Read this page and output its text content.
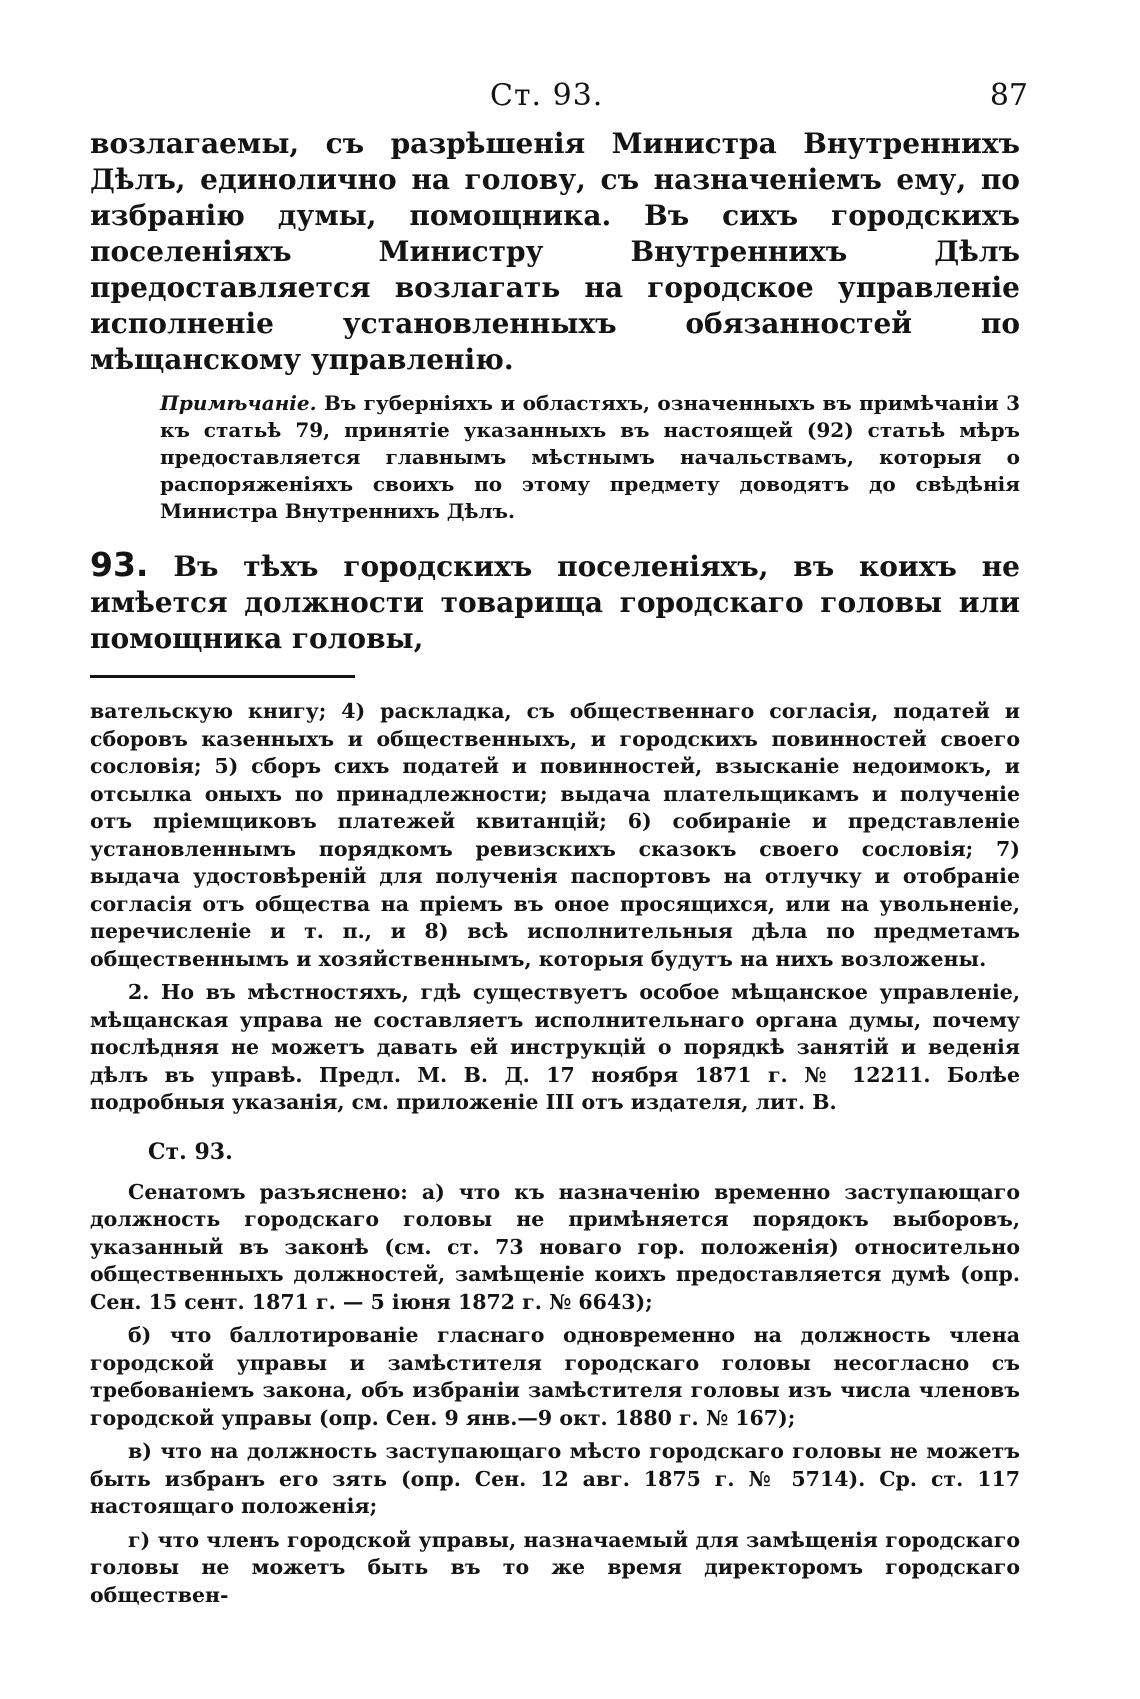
Ст. 93.	87

возлагаемы, съ разрѣшенія Министра Внутреннихъ Дѣлъ, единолично на голову, съ назначеніемъ ему, по избранію думы, помощника. Въ сихъ городскихъ поселеніяхъ Министру Внутреннихъ Дѣлъ предоставляется возлагать на городское управленіе исполненіе установленныхъ обязанностей по мѣщанскому управленію.

Примѣчаніе. Въ губерніяхъ и областяхъ, означенныхъ въ примѣчаніи 3 къ статьѣ 79, принятіе указанныхъ въ настоящей (92) статьѣ мѣръ предоставляется главнымъ мѣстнымъ начальствамъ, которыя о распоряженіяхъ своихъ по этому предмету доводятъ до свѣдѣнія Министра Внутреннихъ Дѣлъ.

93. Въ тѣхъ городскихъ поселеніяхъ, въ коихъ не имѣется должности товарища городскаго головы или помощника головы,

вательскую книгу; 4) раскладка, съ общественнаго согласія, податей и сборовъ казенныхъ и общественныхъ, и городскихъ повинностей своего сословія; 5) сборъ сихъ податей и повинностей, взысканіе недоимокъ, и отсылка оныхъ по принадлежности; выдача плательщикамъ и полученіе отъ пріемщиковъ платежей квитанцій; 6) собираніе и представленіе установленнымъ порядкомъ ревизскихъ сказокъ своего сословія; 7) выдача удостовѣреній для полученія паспортовъ на отлучку и отобраніе согласія отъ общества на пріемъ въ оное просящихся, или на увольненіе, перечисленіе и т. п., и 8) всѣ исполнительныя дѣла по предметамъ общественнымъ и хозяйственнымъ, которыя будутъ на нихъ возложены.

2. Но въ мѣстностяхъ, гдѣ существуетъ особое мѣщанское управленіе, мѣщанская управа не составляетъ исполнительнаго органа думы, почему послѣдняя не можетъ давать ей инструкцій о порядкѣ занятій и веденія дѣлъ въ управѣ. Предл. М. В. Д. 17 ноября 1871 г. № 12211. Болѣе подробныя указанія, см. приложеніе III отъ издателя, лит. В.

Ст. 93.

Сенатомъ разъяснено: а) что къ назначенію временно заступающаго должность городскаго головы не примѣняется порядокъ выборовъ, указанный въ законѣ (см. ст. 73 новаго гор. положенія) относительно общественныхъ должностей, замѣщеніе коихъ предоставляется думѣ (опр. Сен. 15 сент. 1871 г. — 5 іюня 1872 г. № 6643);

б) что баллотированіе гласнаго одновременно на должность члена городской управы и замѣстителя городскаго головы несогласно съ требованіемъ закона, объ избраніи замѣстителя головы изъ числа членовъ городской управы (опр. Сен. 9 янв.—9 окт. 1880 г. № 167);

в) что на должность заступающаго мѣсто городскаго головы не можетъ быть избранъ его зять (опр. Сен. 12 авг. 1875 г. № 5714). Ср. ст. 117 настоящаго положенія;

г) что членъ городской управы, назначаемый для замѣщенія городскаго головы не можетъ быть въ то же время директоромъ городскаго обществен-
